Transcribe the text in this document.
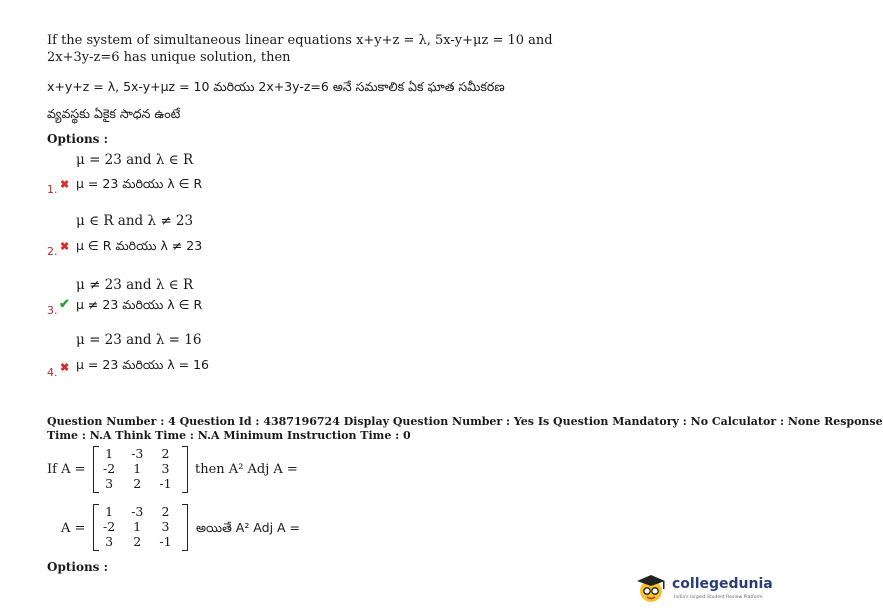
If the system of simultaneous linear equations x+y+z = λ, 5x-y+μz = 10 and
2x+3y-z=6 has unique solution, then
x+y+z = λ, 5x-y+μz = 10 మరియు 2x+3y-z=6 అనే సమకాలిక ఏక ఘాత సమీకరణ
వ్యవస్థకు ఏకైక సాధన ఉంటే
Options :
μ = 23 and λ ∈ R
1. ✖ μ = 23 మరియు λ ∈ R
μ ∈ R and λ ≠ 23
2. ✖ μ ∈ R మరియు λ ≠ 23
μ ≠ 23 and λ ∈ R
3. ✔ μ ≠ 23 మరియు λ ∈ R
μ = 23 and λ = 16
4. ✖ μ = 23 మరియు λ = 16
Question Number : 4 Question Id : 4387196724 Display Question Number : Yes Is Question Mandatory : No Calculator : None Response
Time : N.A Think Time : N.A Minimum Instruction Time : 0
If A =
1	-3	2
-2	1	3
3	2	-1
then A² Adj A =
A =
1	-3	2
-2	1	3
3	2	-1
అయితే A² Adj A =
Options :
collegedunia
India's largest Student Review Platform
